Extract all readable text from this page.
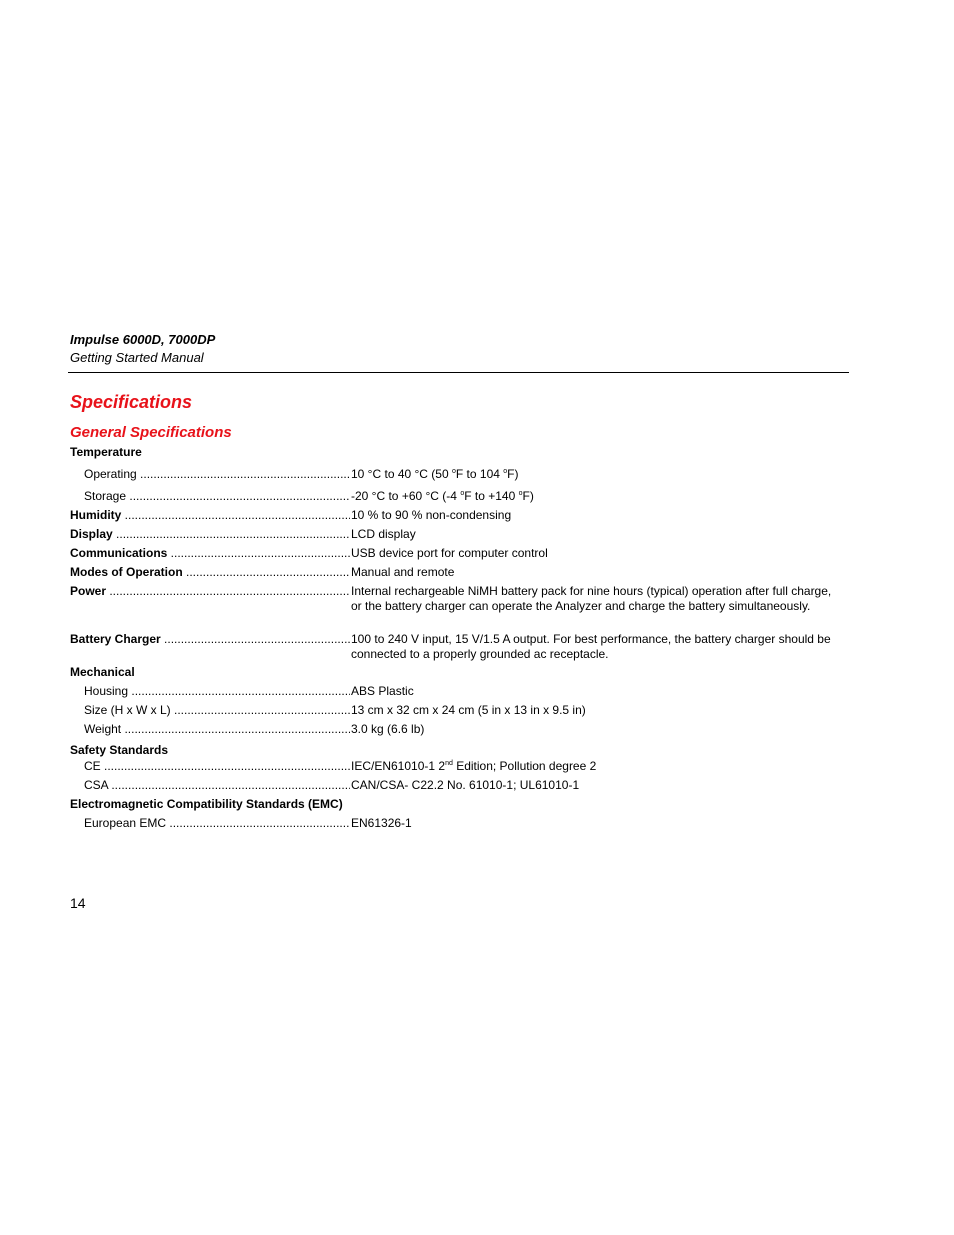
Impulse 6000D, 7000DP
Getting Started Manual
Specifications
General Specifications
Temperature
Operating .....	10 °C to 40 °C (50 $^o$F to 104 $^o$F)
Storage .....	-20 °C to +60 °C (-4 $^o$F to +140 $^o$F)
Humidity .....	10 % to 90 % non-condensing
Display .....	LCD display
Communications .....	USB device port for computer control
Modes of Operation .....	Manual and remote
Power .....	Internal rechargeable NiMH battery pack for nine hours (typical) operation after full charge, or the battery charger can operate the Analyzer and charge the battery simultaneously.
Battery Charger .....	100 to 240 V input, 15 V/1.5 A output. For best performance, the battery charger should be connected to a properly grounded ac receptacle.
Mechanical
Housing .....	ABS Plastic
Size (H x W x L) .....	13 cm x 32 cm x 24 cm (5 in x 13 in x 9.5 in)
Weight .....	3.0 kg (6.6 lb)
Safety Standards
CE .....	IEC/EN61010-1 2nd Edition; Pollution degree 2
CSA .....	CAN/CSA- C22.2 No. 61010-1; UL61010-1
Electromagnetic Compatibility Standards (EMC)
European EMC .....	EN61326-1
14
